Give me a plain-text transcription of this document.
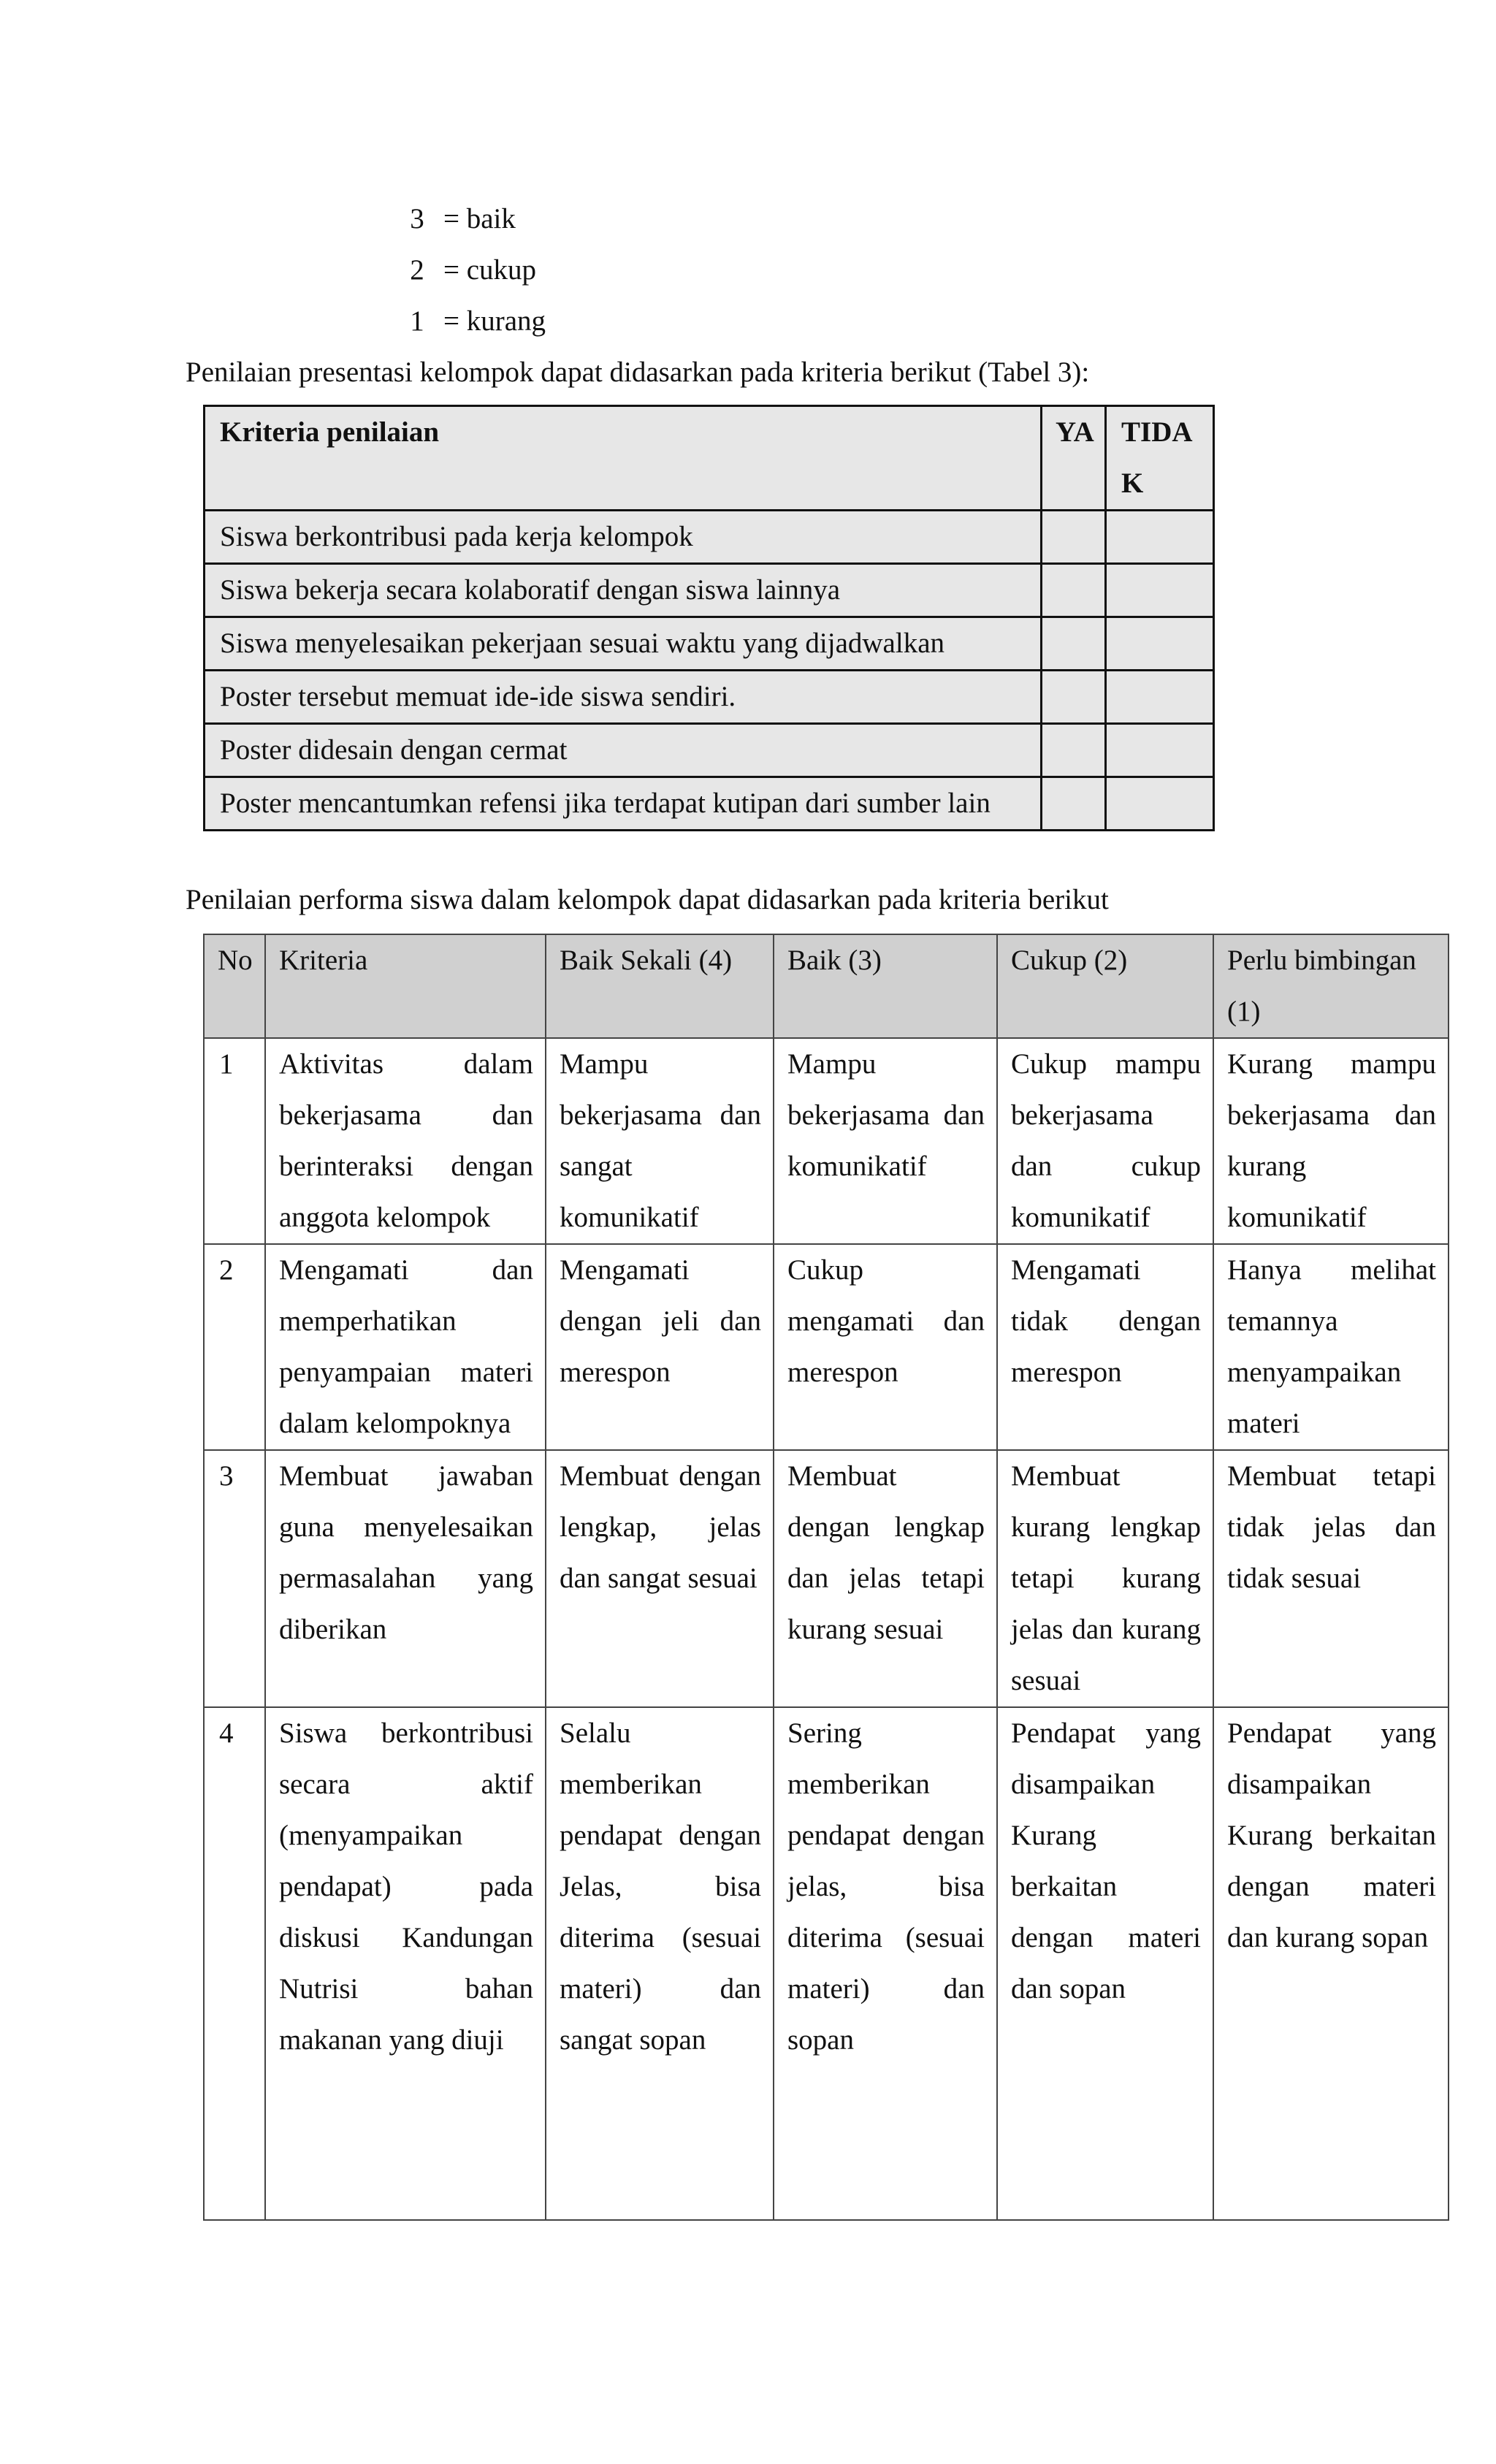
3 = baik
2 = cukup
1 = kurang
Penilaian presentasi kelompok dapat didasarkan pada kriteria berikut (Tabel 3):
Kriteria penilaian	YA	TIDAK
Siswa berkontribusi pada kerja kelompok		
Siswa bekerja secara kolaboratif dengan siswa lainnya		
Siswa menyelesaikan pekerjaan sesuai waktu yang dijadwalkan		
Poster tersebut memuat ide-ide siswa sendiri.		
Poster didesain dengan cermat		
Poster mencantumkan refensi jika terdapat kutipan dari sumber lain		
Penilaian performa siswa dalam kelompok dapat didasarkan pada kriteria berikut
No	Kriteria	Baik Sekali (4)	Baik (3)	Cukup (2)	Perlu bimbingan (1)
1	Aktivitas dalam bekerjasama dan berinteraksi dengan anggota kelompok	Mampu bekerjasama dan sangat komunikatif	Mampu bekerjasama dan komunikatif	Cukup mampu bekerjasama dan cukup komunikatif	Kurang mampu bekerjasama dan kurang komunikatif
2	Mengamati dan memperhatikan penyampaian materi dalam kelompoknya	Mengamati dengan jeli dan merespon	Cukup mengamati dan merespon	Mengamati tidak dengan merespon	Hanya melihat temannya menyampaikan materi
3	Membuat jawaban guna menyelesaikan permasalahan yang diberikan	Membuat dengan lengkap, jelas dan sangat sesuai	Membuat dengan lengkap dan jelas tetapi kurang sesuai	Membuat kurang lengkap tetapi kurang jelas dan kurang sesuai	Membuat tetapi tidak jelas dan tidak sesuai
4	Siswa berkontribusi secara aktif (menyampaikan pendapat) pada diskusi Kandungan Nutrisi bahan makanan yang diuji	Selalu memberikan pendapat dengan Jelas, bisa diterima (sesuai materi) dan sangat sopan	Sering memberikan pendapat dengan jelas, bisa diterima (sesuai materi) dan sopan	Pendapat yang disampaikan Kurang berkaitan dengan materi dan sopan	Pendapat yang disampaikan Kurang berkaitan dengan materi dan kurang sopan
